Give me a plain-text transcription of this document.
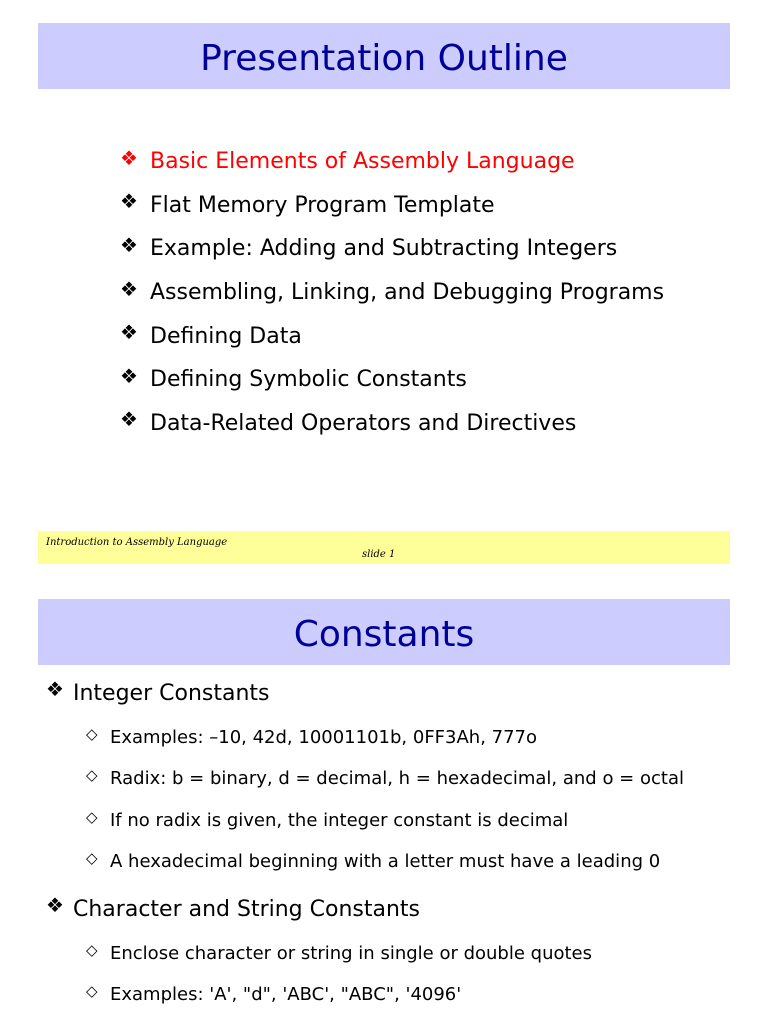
Presentation Outline
❖ Basic Elements of Assembly Language
❖ Flat Memory Program Template
❖ Example: Adding and Subtracting Integers
❖ Assembling, Linking, and Debugging Programs
❖ Defining Data
❖ Defining Symbolic Constants
❖ Data-Related Operators and Directives
Introduction to Assembly Language
slide 1
Constants
❖ Integer Constants
◇ Examples: –10, 42d, 10001101b, 0FF3Ah, 777o
◇ Radix: b = binary, d = decimal, h = hexadecimal, and o = octal
◇ If no radix is given, the integer constant is decimal
◇ A hexadecimal beginning with a letter must have a leading 0
❖ Character and String Constants
◇ Enclose character or string in single or double quotes
◇ Examples: 'A', "d", 'ABC', "ABC", '4096'
